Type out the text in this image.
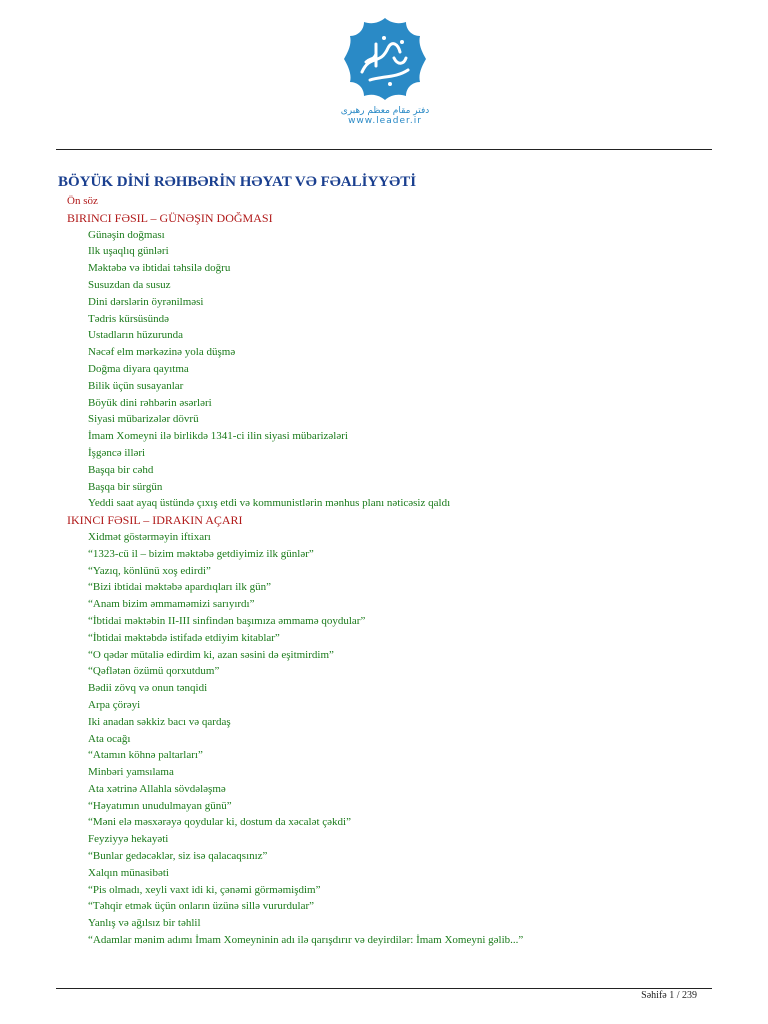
دفتر مقام معظم رهبری
www.leader.ir
BÖYÜK DİNİ RƏHBƏRİN HƏYAT VƏ FƏALİYYƏTİ
Ön söz
BIRINCI FƏSIL – GÜNƏŞIN DOĞMASI
Günəşin doğması
Ilk uşaqlıq günləri
Məktəbə və ibtidai təhsilə doğru
Susuzdan da susuz
Dini dərslərin öyrənilməsi
Tədris kürsüsündə
Ustadların hüzurunda
Nəcəf elm mərkəzinə yola düşmə
Doğma diyara qayıtma
Bilik üçün susayanlar
Böyük dini rəhbərin əsərləri
Siyasi mübarizələr dövrü
İmam Xomeyni ilə birlikdə 1341-ci ilin siyasi mübarizələri
İşgəncə illəri
Başqa bir cəhd
Başqa bir sürgün
Yeddi saat ayaq üstündə çıxış etdi və kommunistlərin mənhus planı nəticəsiz qaldı
IKINCI FƏSIL – IDRAKIN AÇARI
Xidmət göstərməyin iftixarı
“1323-cü il – bizim məktəbə getdiyimiz ilk günlər”
“Yazıq, könlünü xoş edirdi”
“Bizi ibtidai məktəbə apardıqları ilk gün”
“Anam bizim əmmaməmizi sarıyırdı”
“İbtidai məktəbin II-III sinfindən başımıza əmmamə qoydular”
“İbtidai məktəbdə istifadə etdiyim kitablar”
“O qədər mütaliə edirdim ki, azan səsini də eşitmirdim”
“Qəflətən özümü qorxutdum”
Bədii zövq və onun tənqidi
Arpa çörəyi
Iki anadan səkkiz bacı və qardaş
Ata ocağı
“Atamın köhnə paltarları”
Minbəri yamsılama
Ata xətrinə Allahla sövdələşmə
“Həyatımın unudulmayan günü”
“Məni elə məsxərəyə qoydular ki, dostum da xəcalət çəkdi”
Feyziyyə hekayəti
“Bunlar gedəcəklər, siz isə qalacaqsınız”
Xalqın münasibəti
“Pis olmadı, xeyli vaxt idi ki, çənəmi görməmişdim”
“Təhqir etmək üçün onların üzünə sillə vururdular”
Yanlış və ağılsız bir təhlil
“Adamlar mənim adımı İmam Xomeyninin adı ilə qarışdırır və deyirdilər: İmam Xomeyni gəlib...”
Səhifə 1 / 239
